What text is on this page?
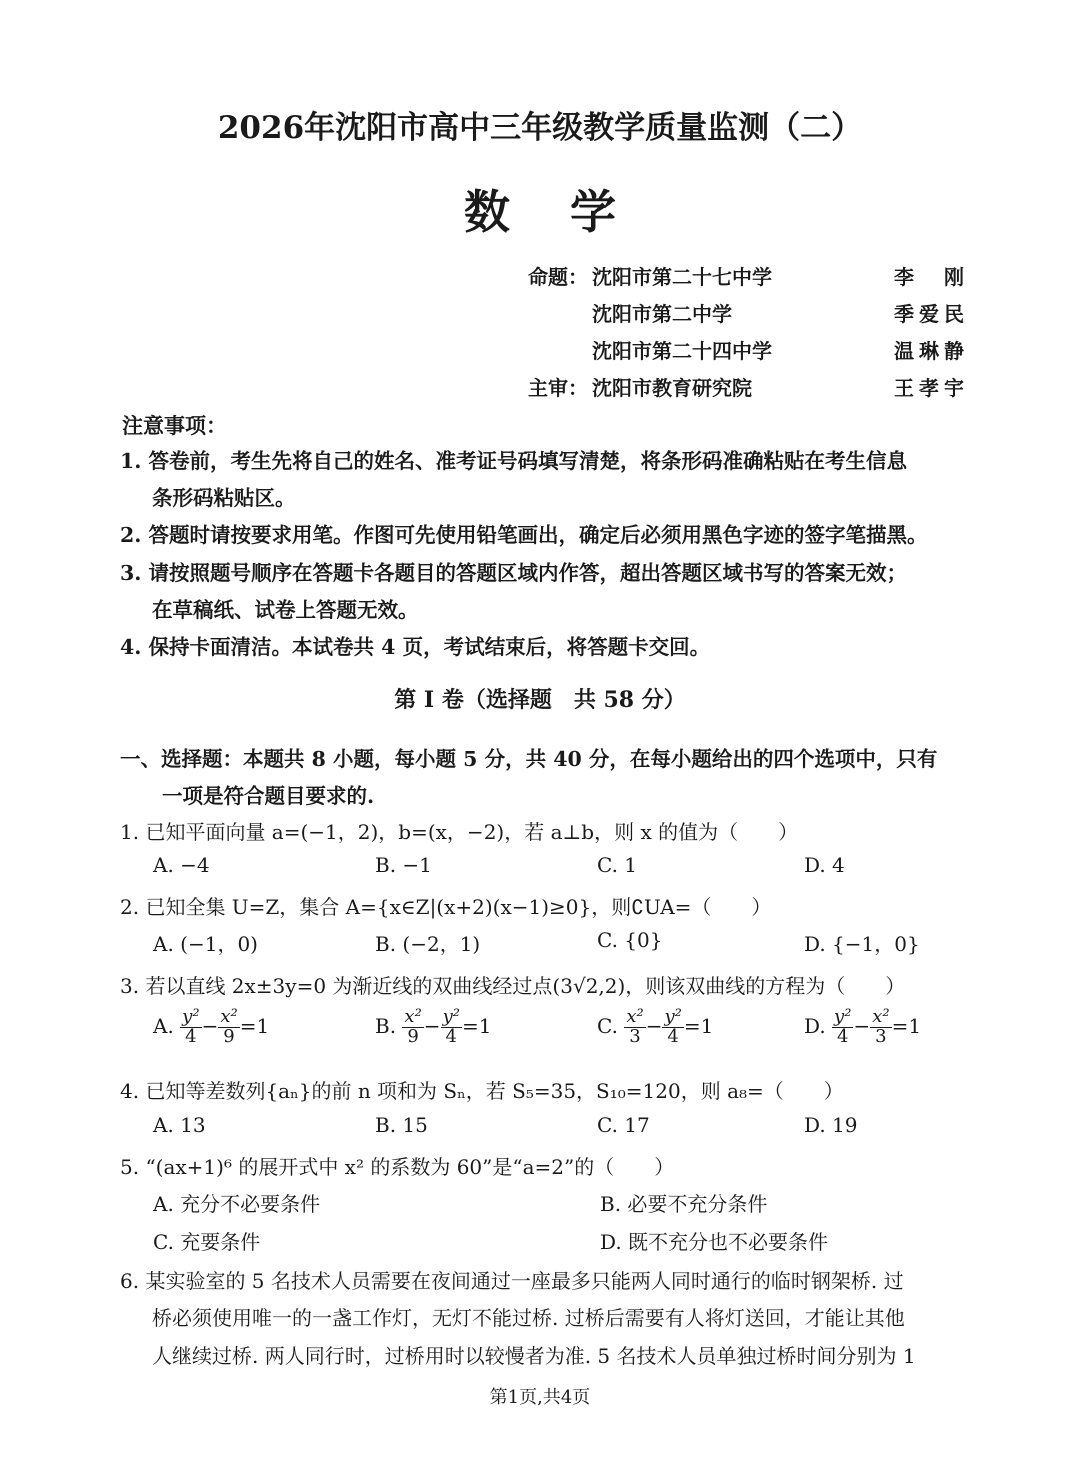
2026年沈阳市高中三年级教学质量监测（二）
数学
命题： 沈阳市第二十七中学	李刚
沈阳市第二中学	季爱民
沈阳市第二十四中学	温琳静
主审： 沈阳市教育研究院	王孝宇
注意事项：
1. 答卷前，考生先将自己的姓名、准考证号码填写清楚，将条形码准确粘贴在考生信息
条形码粘贴区。
2. 答题时请按要求用笔。作图可先使用铅笔画出，确定后必须用黑色字迹的签字笔描黑。
3. 请按照题号顺序在答题卡各题目的答题区域内作答，超出答题区域书写的答案无效；
在草稿纸、试卷上答题无效。
4. 保持卡面清洁。本试卷共 4 页，考试结束后，将答题卡交回。
第 I 卷（选择题　共 58 分）
一、选择题：本题共 8 小题，每小题 5 分，共 40 分，在每小题给出的四个选项中，只有
一项是符合题目要求的.
1. 已知平面向量 a=(−1，2)，b=(x，−2)，若 a⊥b，则 x 的值为（　　）
A. −4	B. −1	C. 1	D. 4
2. 已知全集 U=Z，集合 A={x∈Z|(x+2)(x−1)≥0}，则∁UA=（　　）
A. (−1，0)	B. (−2，1)	C. {0}	D. {−1，0}
3. 若以直线 2x±3y=0 为渐近线的双曲线经过点(3√2,2)，则该双曲线的方程为（　　）
A. $\frac{\text{y²}}{4} - \frac{\text{x²}}{9} =1$	B. $\frac{\text{x²}}{9} - \frac{\text{y²}}{4} =1$	C. $\frac{\text{x²}}{3} - \frac{\text{y²}}{4} =1$	D. $\frac{\text{y²}}{4} - \frac{\text{x²}}{3} =1$
4. 已知等差数列{aₙ}的前 n 项和为 Sₙ，若 S₅=35，S₁₀=120，则 a₈=（　　）
A. 13	B. 15	C. 17	D. 19
5. “(ax+1)⁶ 的展开式中 x² 的系数为 60”是“a=2”的（　　）
A. 充分不必要条件	B. 必要不充分条件
C. 充要条件	D. 既不充分也不必要条件
6. 某实验室的 5 名技术人员需要在夜间通过一座最多只能两人同时通行的临时钢架桥. 过
桥必须使用唯一的一盏工作灯，无灯不能过桥. 过桥后需要有人将灯送回，才能让其他
人继续过桥. 两人同行时，过桥用时以较慢者为准. 5 名技术人员单独过桥时间分别为 1
第1页,共4页
